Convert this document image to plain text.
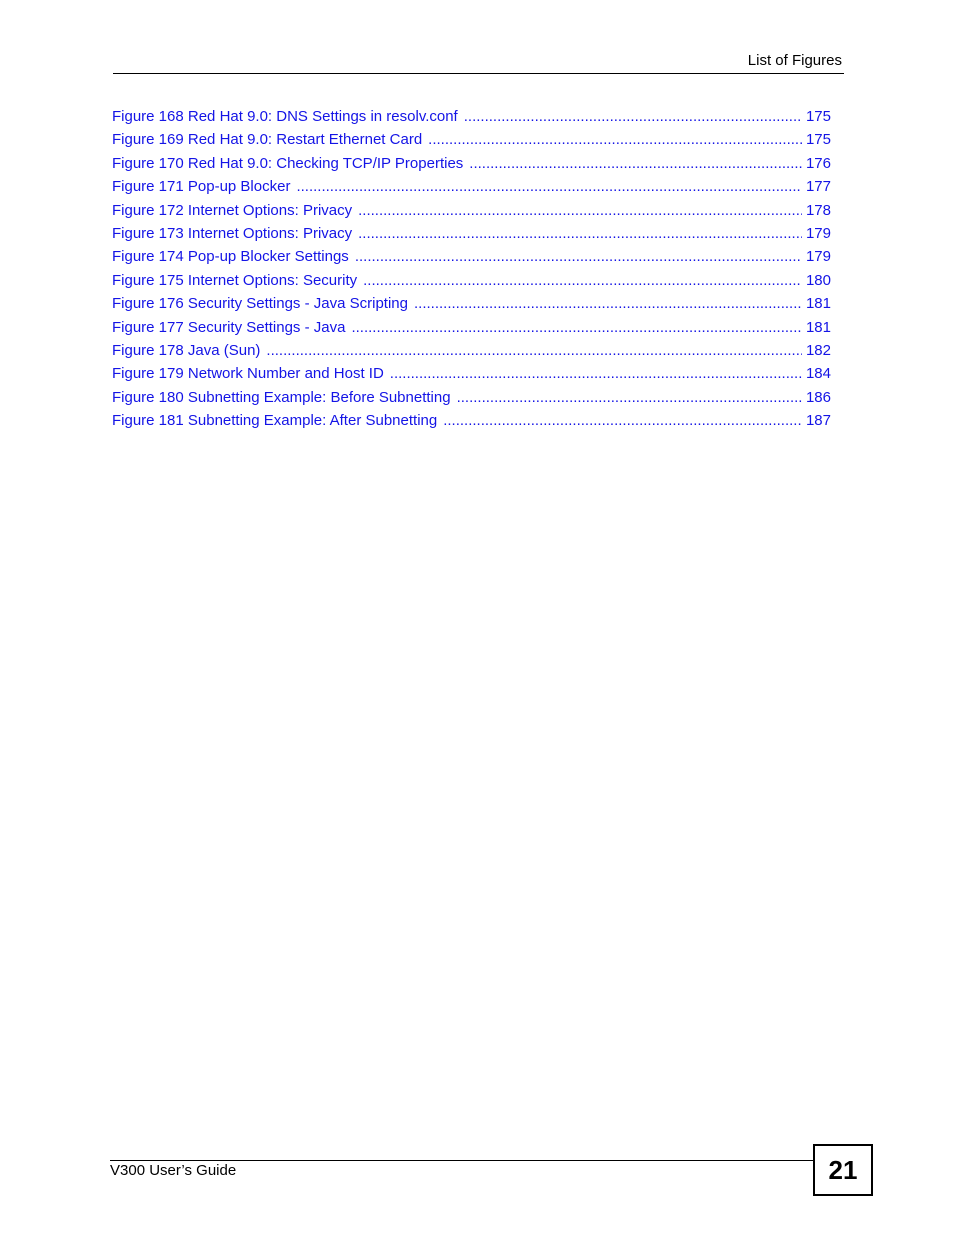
List of Figures
Figure 168 Red Hat 9.0: DNS Settings in resolv.conf .....	175
Figure 169 Red Hat 9.0: Restart Ethernet Card .....	175
Figure 170 Red Hat 9.0: Checking TCP/IP Properties .....	176
Figure 171 Pop-up Blocker .....	177
Figure 172 Internet Options: Privacy .....	178
Figure 173 Internet Options: Privacy .....	179
Figure 174 Pop-up Blocker Settings .....	179
Figure 175 Internet Options: Security .....	180
Figure 176 Security Settings - Java Scripting .....	181
Figure 177 Security Settings - Java .....	181
Figure 178 Java (Sun) .....	182
Figure 179 Network Number and Host ID .....	184
Figure 180 Subnetting Example: Before Subnetting .....	186
Figure 181 Subnetting Example: After Subnetting .....	187
V300 User’s Guide	21
